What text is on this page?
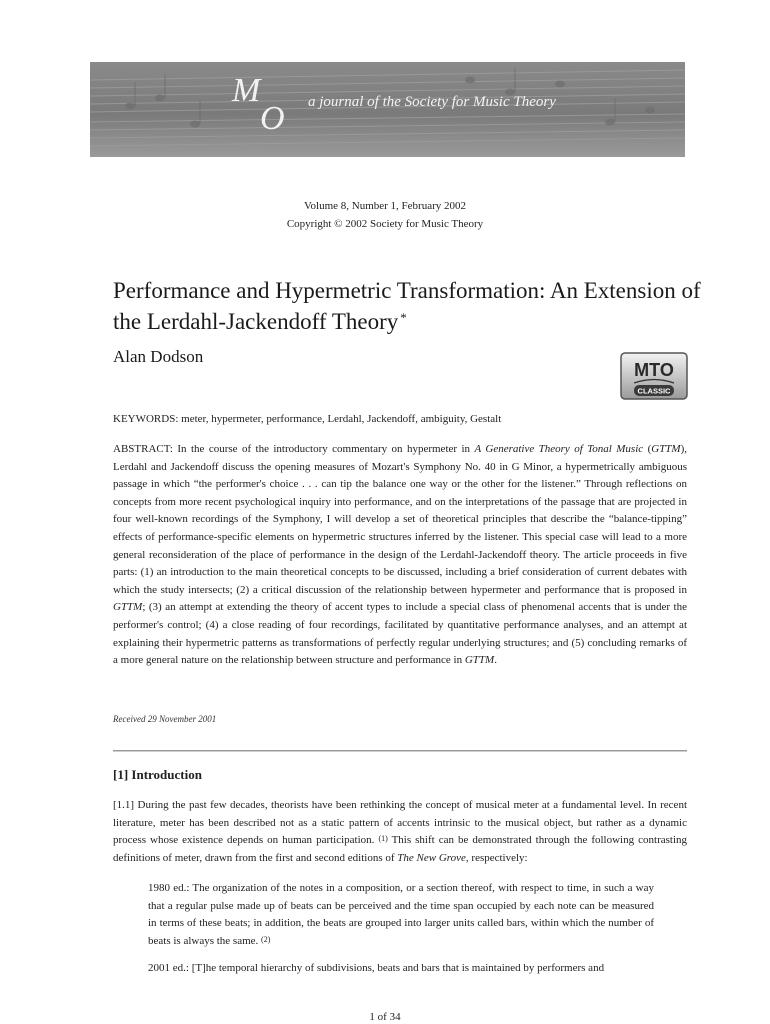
M
O a journal of the Society for Music Theory
Volume 8, Number 1, February 2002
Copyright © 2002 Society for Music Theory
Performance and Hypermetric Transformation: An Extension of the Lerdahl-Jackendoff Theory *
Alan Dodson
MTO
CLASSIC
KEYWORDS: meter, hypermeter, performance, Lerdahl, Jackendoff, ambiguity, Gestalt

ABSTRACT: In the course of the introductory commentary on hypermeter in A Generative Theory of Tonal Music (GTTM), Lerdahl and Jackendoff discuss the opening measures of Mozart's Symphony No. 40 in G Minor, a hypermetrically ambiguous passage in which “the performer's choice . . . can tip the balance one way or the other for the listener.” Through reflections on concepts from more recent psychological inquiry into performance, and on the interpretations of the passage that are projected in four well-known recordings of the Symphony, I will develop a set of theoretical principles that describe the “balance-tipping” effects of performance-specific elements on hypermetric structures inferred by the listener. This special case will lead to a more general reconsideration of the place of performance in the design of the Lerdahl-Jackendoff theory. The article proceeds in five parts: (1) an introduction to the main theoretical concepts to be discussed, including a brief consideration of current debates with which the study intersects; (2) a critical discussion of the relationship between hypermeter and performance that is proposed in GTTM; (3) an attempt at extending the theory of accent types to include a special class of phenomenal accents that is under the performer's control; (4) a close reading of four recordings, facilitated by quantitative performance analyses, and an attempt at explaining their hypermetric patterns as transformations of perfectly regular underlying structures; and (5) concluding remarks of a more general nature on the relationship between structure and performance in GTTM.

Received 29 November 2001
[1] Introduction

[1.1] During the past few decades, theorists have been rethinking the concept of musical meter at a fundamental level. In recent literature, meter has been described not as a static pattern of accents intrinsic to the musical object, but rather as a dynamic process whose existence depends on human participation. $^{(1)}$ This shift can be demonstrated through the following contrasting definitions of meter, drawn from the first and second editions of The New Grove, respectively:

1980 ed.: The organization of the notes in a composition, or a section thereof, with respect to time, in such a way that a regular pulse made up of beats can be perceived and the time span occupied by each note can be measured in terms of these beats; in addition, the beats are grouped into larger units called bars, within which the number of beats is always the same. $^{(2)}$

2001 ed.: [T]he temporal hierarchy of subdivisions, beats and bars that is maintained by performers and

1 of 34
